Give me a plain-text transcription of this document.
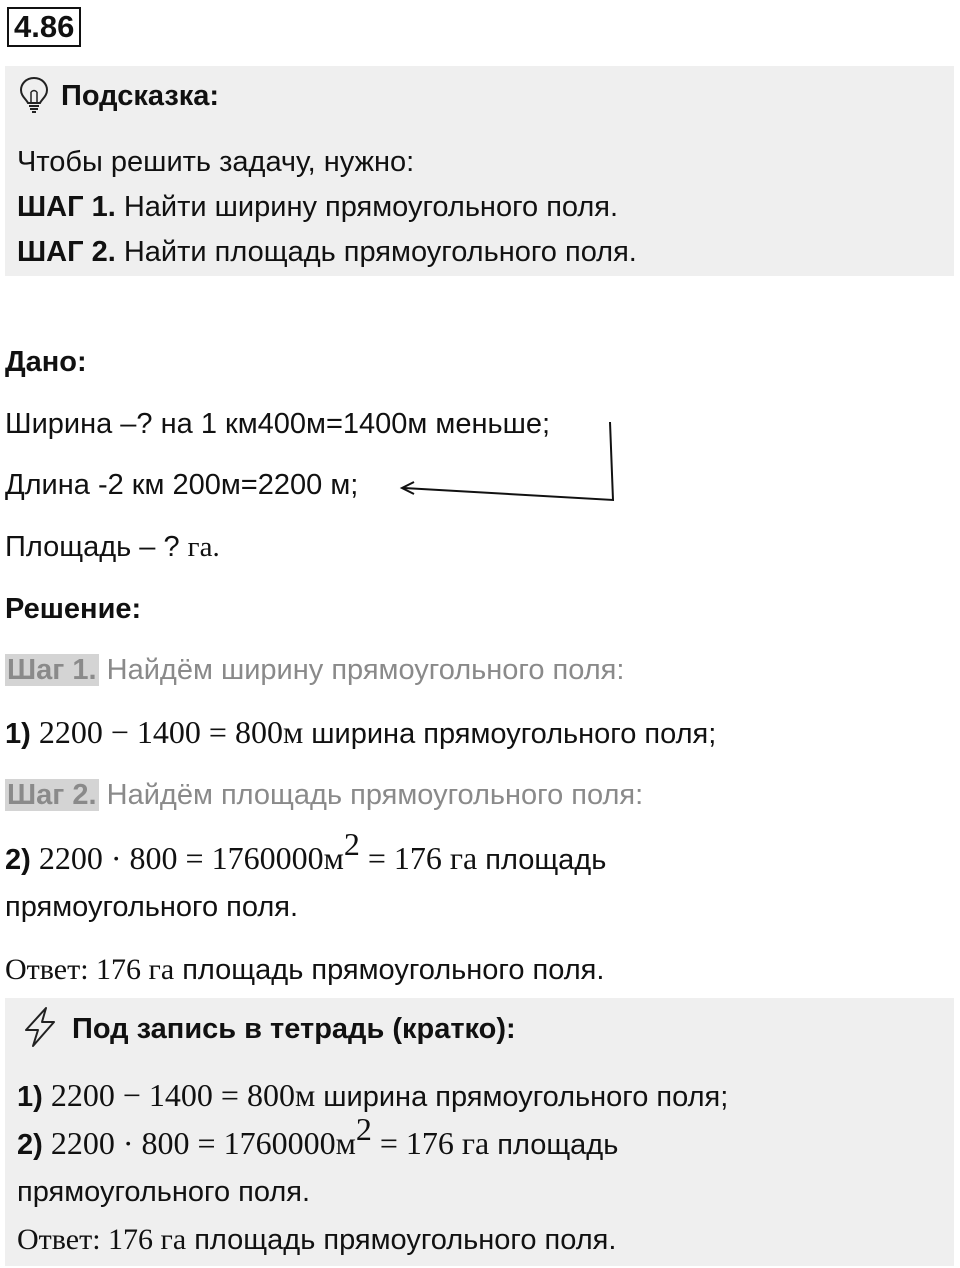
4.86
Подсказка:
Чтобы решить задачу, нужно:
ШАГ 1. Найти ширину прямоугольного поля.
ШАГ 2. Найти площадь прямоугольного поля.
Дано:
Ширина –? на 1 км400м=1400м меньше;
Длина -2 км 200м=2200 м;
Площадь – ? га.
Решение:
Шаг 1. Найдём ширину прямоугольного поля:
1) 2200 − 1400 = 800м ширина прямоугольного поля;
Шаг 2. Найдём площадь прямоугольного поля:
2) $2200 \cdot 800 = 1760000м^2 = 176$ га площадь
прямоугольного поля.
Ответ: 176 га площадь прямоугольного поля.
Под запись в тетрадь (кратко):
1) 2200 − 1400 = 800м ширина прямоугольного поля;
2) $2200 \cdot 800 = 1760000м^2 = 176$ га площадь
прямоугольного поля.
Ответ: 176 га площадь прямоугольного поля.
